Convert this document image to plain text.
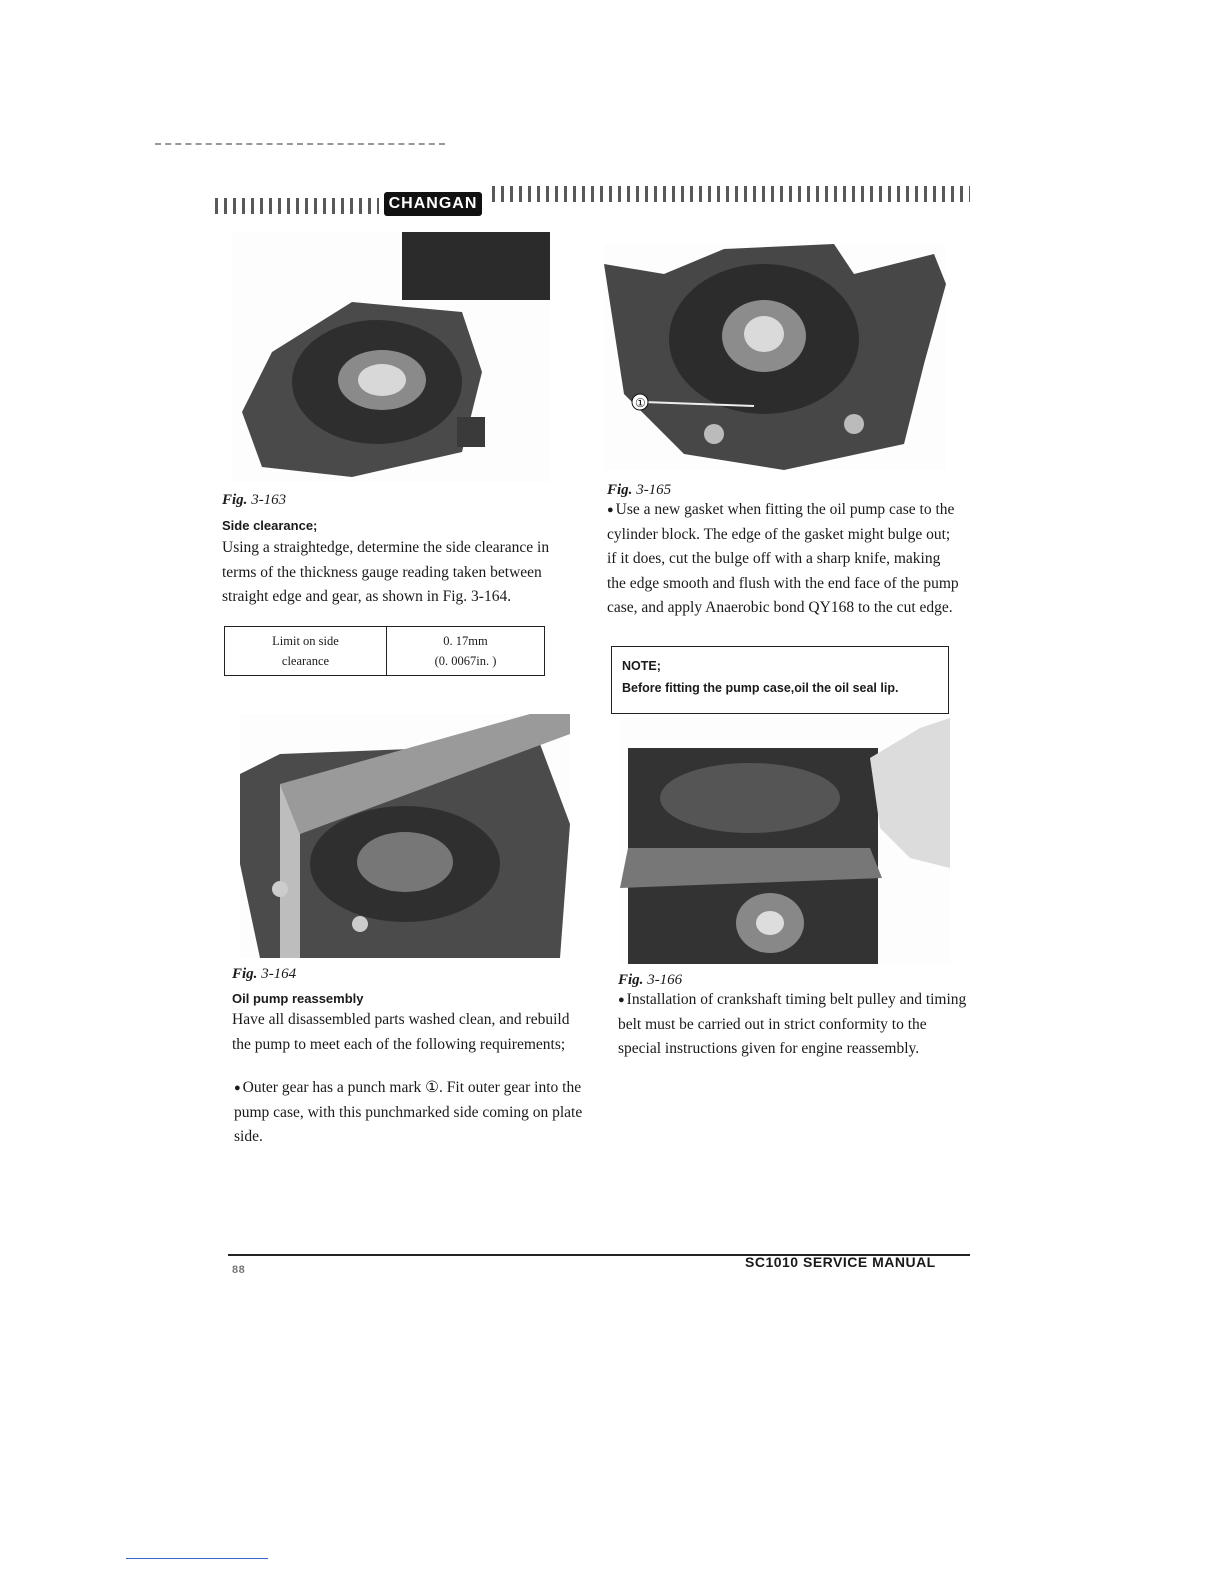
CHANGAN
Fig. 3-163
Side clearance;
Using a straightedge, determine the side clearance in terms of the thickness gauge reading taken between straight edge and gear, as shown in Fig. 3-164.
Limit on side
clearance

0. 17mm
(0. 0067in. )
Fig. 3-164
Oil pump reassembly
Have all disassembled parts washed clean, and rebuild the pump to meet each of the following requirements;
● Outer gear has a punch mark ①. Fit outer gear into the pump case, with this punchmarked side coming on plate side.
①
Fig. 3-165
● Use a new gasket when fitting the oil pump case to the cylinder block. The edge of the gasket might bulge out; if it does, cut the bulge off with a sharp knife, making the edge smooth and flush with the end face of the pump case, and apply Anaerobic bond QY168 to the cut edge.
NOTE;
Before fitting the pump case,oil the oil seal lip.
Fig. 3-166
● Installation of crankshaft timing belt pulley and timing belt must be carried out in strict conformity to the special instructions given for engine reassembly.
88	SC1010 SERVICE MANUAL
